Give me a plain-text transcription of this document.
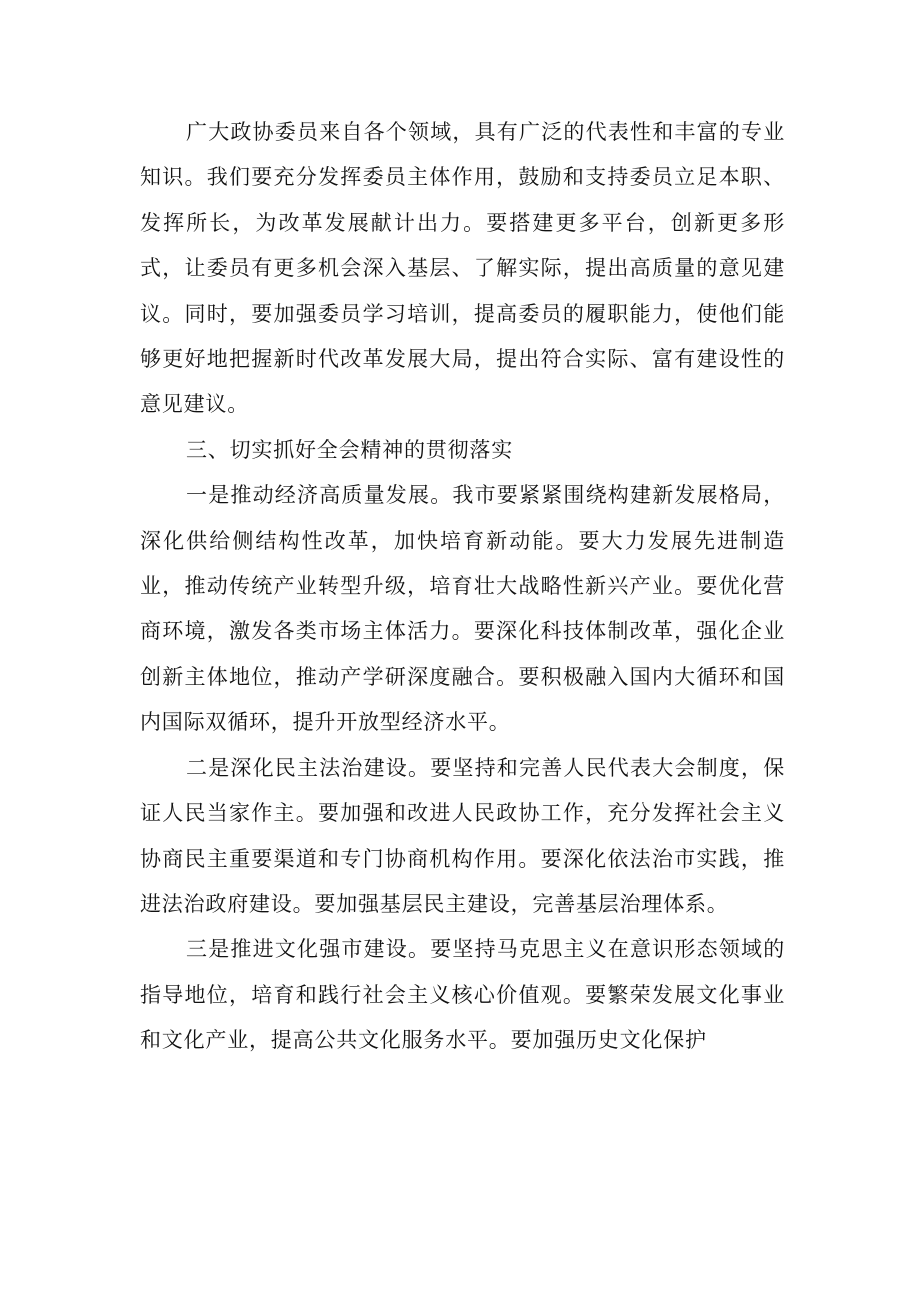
广大政协委员来自各个领域，具有广泛的代表性和丰富的专业知识。我们要充分发挥委员主体作用，鼓励和支持委员立足本职、发挥所长，为改革发展献计出力。要搭建更多平台，创新更多形式，让委员有更多机会深入基层、了解实际，提出高质量的意见建议。同时，要加强委员学习培训，提高委员的履职能力，使他们能够更好地把握新时代改革发展大局，提出符合实际、富有建设性的意见建议。

三、切实抓好全会精神的贯彻落实

一是推动经济高质量发展。我市要紧紧围绕构建新发展格局，深化供给侧结构性改革，加快培育新动能。要大力发展先进制造业，推动传统产业转型升级，培育壮大战略性新兴产业。要优化营商环境，激发各类市场主体活力。要深化科技体制改革，强化企业创新主体地位，推动产学研深度融合。要积极融入国内大循环和国内国际双循环，提升开放型经济水平。

二是深化民主法治建设。要坚持和完善人民代表大会制度，保证人民当家作主。要加强和改进人民政协工作，充分发挥社会主义协商民主重要渠道和专门协商机构作用。要深化依法治市实践，推进法治政府建设。要加强基层民主建设，完善基层治理体系。

三是推进文化强市建设。要坚持马克思主义在意识形态领域的指导地位，培育和践行社会主义核心价值观。要繁荣发展文化事业和文化产业，提高公共文化服务水平。要加强历史文化保护
